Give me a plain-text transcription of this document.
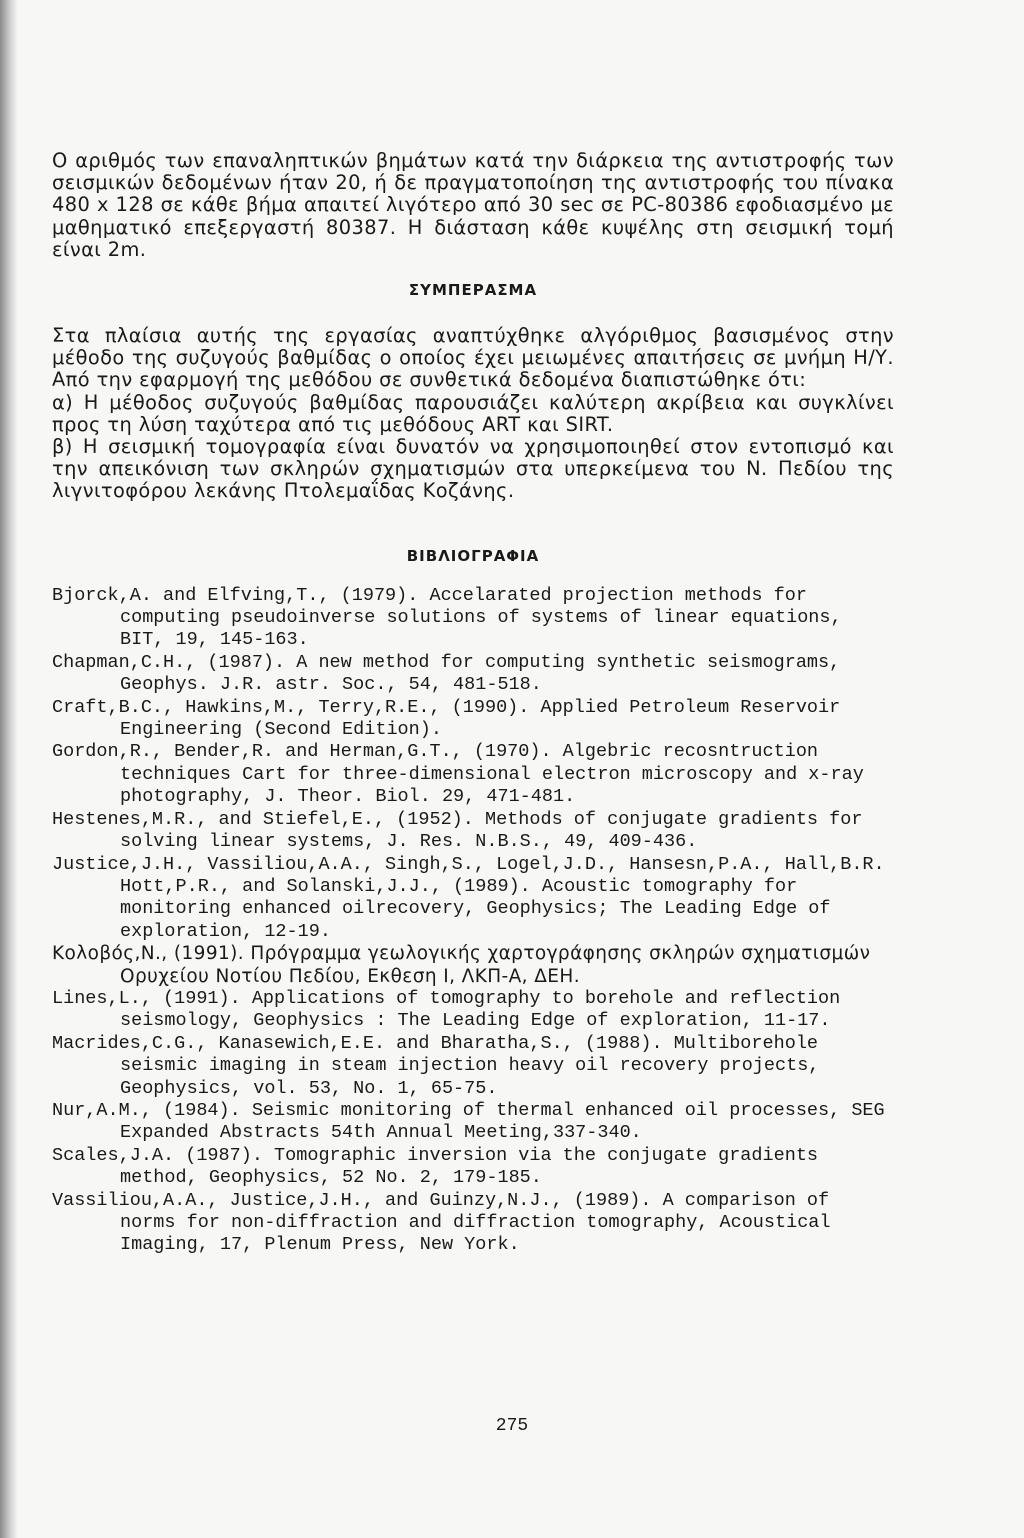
Ο αριθμός των επαναληπτικών βημάτων κατά την διάρκεια της αντιστροφής των σεισμικών δεδομένων ήταν 20, ή δε πραγματοποίηση της αντιστροφής του πίνακα 480 x 128 σε κάθε βήμα απαιτεί λιγότερο από 30 sec σε PC-80386 εφοδιασμένο με μαθηματικό επεξεργαστή 80387. Η διάσταση κάθε κυψέλης στη σεισμική τομή είναι 2m.

ΣΥΜΠΕΡΑΣΜΑ

Στα πλαίσια αυτής της εργασίας αναπτύχθηκε αλγόριθμος βασισμένος στην μέθοδο της συζυγούς βαθμίδας ο οποίος έχει μειωμένες απαιτήσεις σε μνήμη Η/Υ. Από την εφαρμογή της μεθόδου σε συνθετικά δεδομένα διαπιστώθηκε ότι:

α) Η μέθοδος συζυγούς βαθμίδας παρουσιάζει καλύτερη ακρίβεια και συγκλίνει προς τη λύση ταχύτερα από τις μεθόδους ART και SIRT.

β) Η σεισμική τομογραφία είναι δυνατόν να χρησιμοποιηθεί στον εντοπισμό και την απεικόνιση των σκληρών σχηματισμών στα υπερκείμενα του Ν. Πεδίου της λιγνιτοφόρου λεκάνης Πτολεμαΐδας Κοζάνης.

ΒΙΒΛΙΟΓΡΑΦΙΑ
Bjorck,A. and Elfving,T., (1979). Accelarated projection methods for computing pseudoinverse solutions of systems of linear equations, BIT, 19, 145-163.
Chapman,C.H., (1987). A new method for computing synthetic seismograms, Geophys. J.R. astr. Soc., 54, 481-518.
Craft,B.C., Hawkins,M., Terry,R.E., (1990). Applied Petroleum Reservoir Engineering (Second Edition).
Gordon,R., Bender,R. and Herman,G.T., (1970). Algebric recosntruction techniques Cart for three-dimensional electron microscopy and x-ray photography, J. Theor. Biol. 29, 471-481.
Hestenes,M.R., and Stiefel,E., (1952). Methods of conjugate gradients for solving linear systems, J. Res. N.B.S., 49, 409-436.
Justice,J.H., Vassiliou,A.A., Singh,S., Logel,J.D., Hansesn,P.A., Hall,B.R. Hott,P.R., and Solanski,J.J., (1989). Acoustic tomography for monitoring enhanced oilrecovery, Geophysics; The Leading Edge of exploration, 12-19.
Κολοβός,Ν., (1991). Πρόγραμμα γεωλογικής χαρτογράφησης σκληρών σχηματισμών Ορυχείου Νοτίου Πεδίου, Εκθεση Ι, ΛΚΠ-Α, ΔΕΗ.
Lines,L., (1991). Applications of tomography to borehole and reflection seismology, Geophysics : The Leading Edge of exploration, 11-17.
Macrides,C.G., Kanasewich,E.E. and Bharatha,S., (1988). Multiborehole seismic imaging in steam injection heavy oil recovery projects, Geophysics, vol. 53, No. 1, 65-75.
Nur,A.M., (1984). Seismic monitoring of thermal enhanced oil processes, SEG Expanded Abstracts 54th Annual Meeting,337-340.
Scales,J.A. (1987). Tomographic inversion via the conjugate gradients method, Geophysics, 52 No. 2, 179-185.
Vassiliou,A.A., Justice,J.H., and Guinzy,N.J., (1989). A comparison of norms for non-diffraction and diffraction tomography, Acoustical Imaging, 17, Plenum Press, New York.
275
